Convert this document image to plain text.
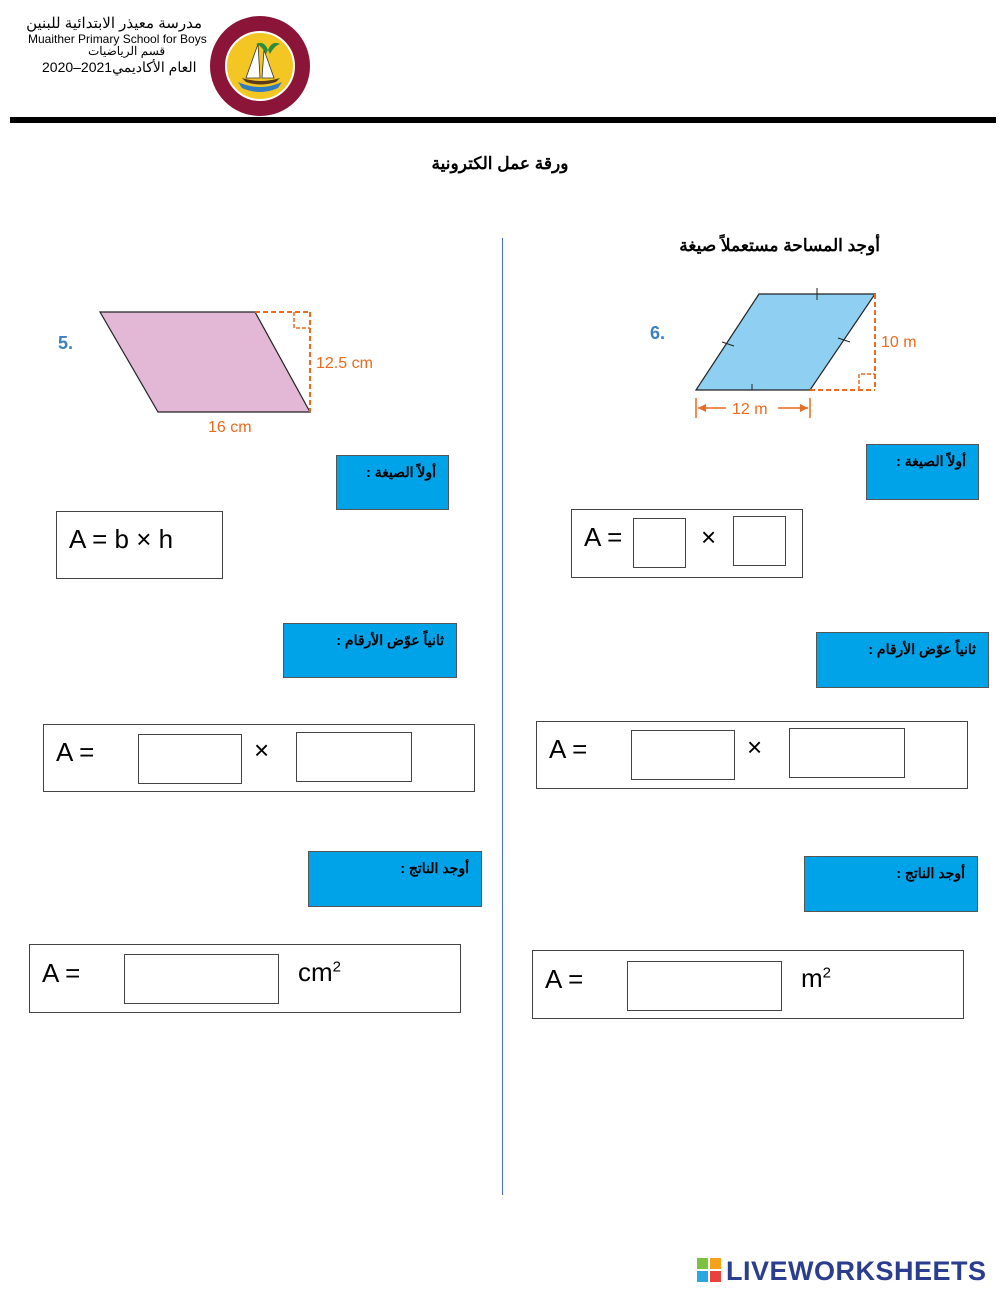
مدرسة معيذر الابتدائية للبنين
Muaither Primary School for Boys
قسم الرياضيات
العام الأكاديمي2020–2021
ورقة عمل الكترونية
أوجد المساحة مستعملاً صيغة
5.
12.5 cm
16 cm
6.	10 m
12 m
أولاً الصيغة :
A = b × h
ثانياً عوّض الأرقام :
A =	×
أوجد الناتج :
A =	$cm^2$
أولاً الصيغة :
A =	×
ثانياً عوّض الأرقام :
A =	×
أوجد الناتج :
A =	$m^2$
LIVEWORKSHEETS
